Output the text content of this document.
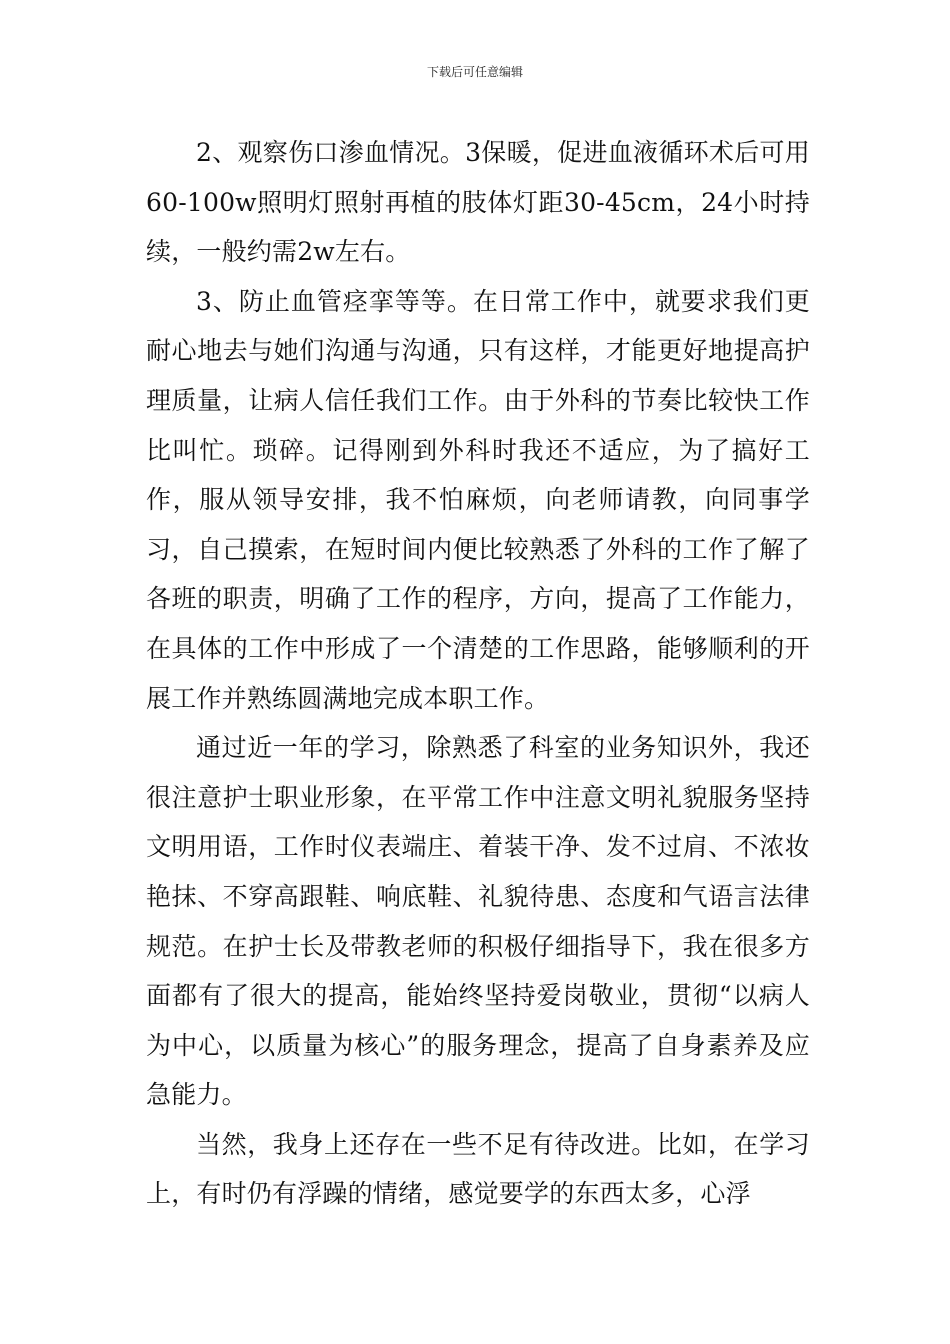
下载后可任意编辑

2、观察伤口渗血情况。3保暖，促进血液循环术后可用60-100w照明灯照射再植的肢体灯距30-45cm，24小时持续，一般约需2w左右。

3、防止血管痉挛等等。在日常工作中，就要求我们更耐心地去与她们沟通与沟通，只有这样，才能更好地提高护理质量，让病人信任我们工作。由于外科的节奏比较快工作比叫忙。琐碎。记得刚到外科时我还不适应，为了搞好工作，服从领导安排，我不怕麻烦，向老师请教，向同事学习，自己摸索，在短时间内便比较熟悉了外科的工作了解了各班的职责，明确了工作的程序，方向，提高了工作能力，在具体的工作中形成了一个清楚的工作思路，能够顺利的开展工作并熟练圆满地完成本职工作。

通过近一年的学习，除熟悉了科室的业务知识外，我还很注意护士职业形象，在平常工作中注意文明礼貌服务坚持文明用语，工作时仪表端庄、着装干净、发不过肩、不浓妆艳抹、不穿高跟鞋、响底鞋、礼貌待患、态度和气语言法律规范。在护士长及带教老师的积极仔细指导下，我在很多方面都有了很大的提高，能始终坚持爱岗敬业，贯彻“以病人为中心，以质量为核心”的服务理念，提高了自身素养及应急能力。

当然，我身上还存在一些不足有待改进。比如，在学习上，有时仍有浮躁的情绪，感觉要学的东西太多，心浮
